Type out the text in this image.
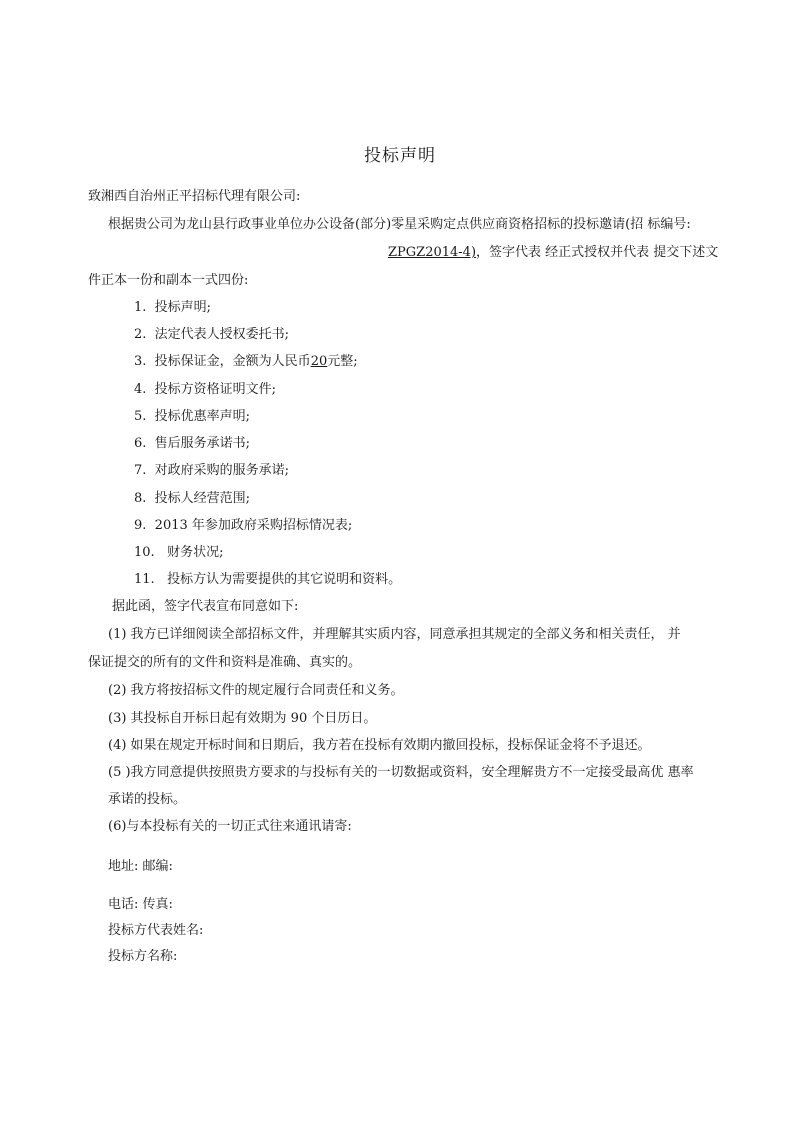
投标声明
致湘西自治州正平招标代理有限公司:
根据贵公司为龙山县行政事业单位办公设备(部分)零星采购定点供应商资格招标的投标邀请(招 标编号:
ZPGZ2014-4)，签字代表 经正式授权并代表 提交下述文
件正本一份和副本一式四份:
1. 投标声明;
2. 法定代表人授权委托书;
3. 投标保证金，金额为人民币20元整;
4. 投标方资格证明文件;
5. 投标优惠率声明;
6. 售后服务承诺书;
7. 对政府采购的服务承诺;
8. 投标人经营范围;
9. 2013 年参加政府采购招标情况表;
10. 财务状况;
11. 投标方认为需要提供的其它说明和资料。
据此函，签字代表宣布同意如下:
(1) 我方已详细阅读全部招标文件，并理解其实质内容，同意承担其规定的全部义务和相关责任， 并
保证提交的所有的文件和资料是准确、真实的。
(2) 我方将按招标文件的规定履行合同责任和义务。
(3) 其投标自开标日起有效期为 90 个日历日。
(4) 如果在规定开标时间和日期后，我方若在投标有效期内撤回投标，投标保证金将不予退还。
(5 )我方同意提供按照贵方要求的与投标有关的一切数据或资料，安全理解贵方不一定接受最高优 惠率
承诺的投标。
(6)与本投标有关的一切正式往来通讯请寄:
地址: 邮编:
电话: 传真:
投标方代表姓名:
投标方名称:
